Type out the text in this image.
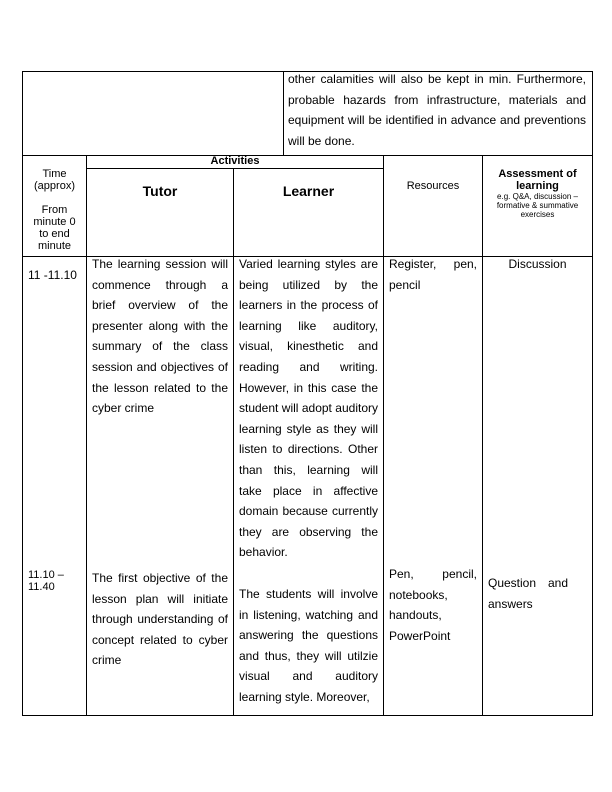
other calamities will also be kept in min. Furthermore, probable hazards from infrastructure, materials and equipment will be identified in advance and preventions will be done.
Time
(approx)
From minute 0 to end minute
Activities
Tutor	Learner	Resources
Assessment of learning
e.g. Q&A, discussion – formative & summative exercises
11 -11.10
The learning session will commence through a brief overview of the presenter along with the summary of the class session and objectives of the lesson related to the cyber crime
Varied learning styles are being utilized by the learners in the process of learning like auditory, visual, kinesthetic and reading and writing. However, in this case the student will adopt auditory learning style as they will listen to directions. Other than this, learning will take place in affective domain because currently they are observing the behavior.
Register, pen, pencil
Discussion
11.10 – 11.40
The first objective of the lesson plan will initiate through understanding of concept related to cyber crime
The students will involve in listening, watching and answering the questions and thus, they will utilzie visual and auditory learning style. Moreover,
Pen, pencil, notebooks, handouts, PowerPoint
Question and answers
